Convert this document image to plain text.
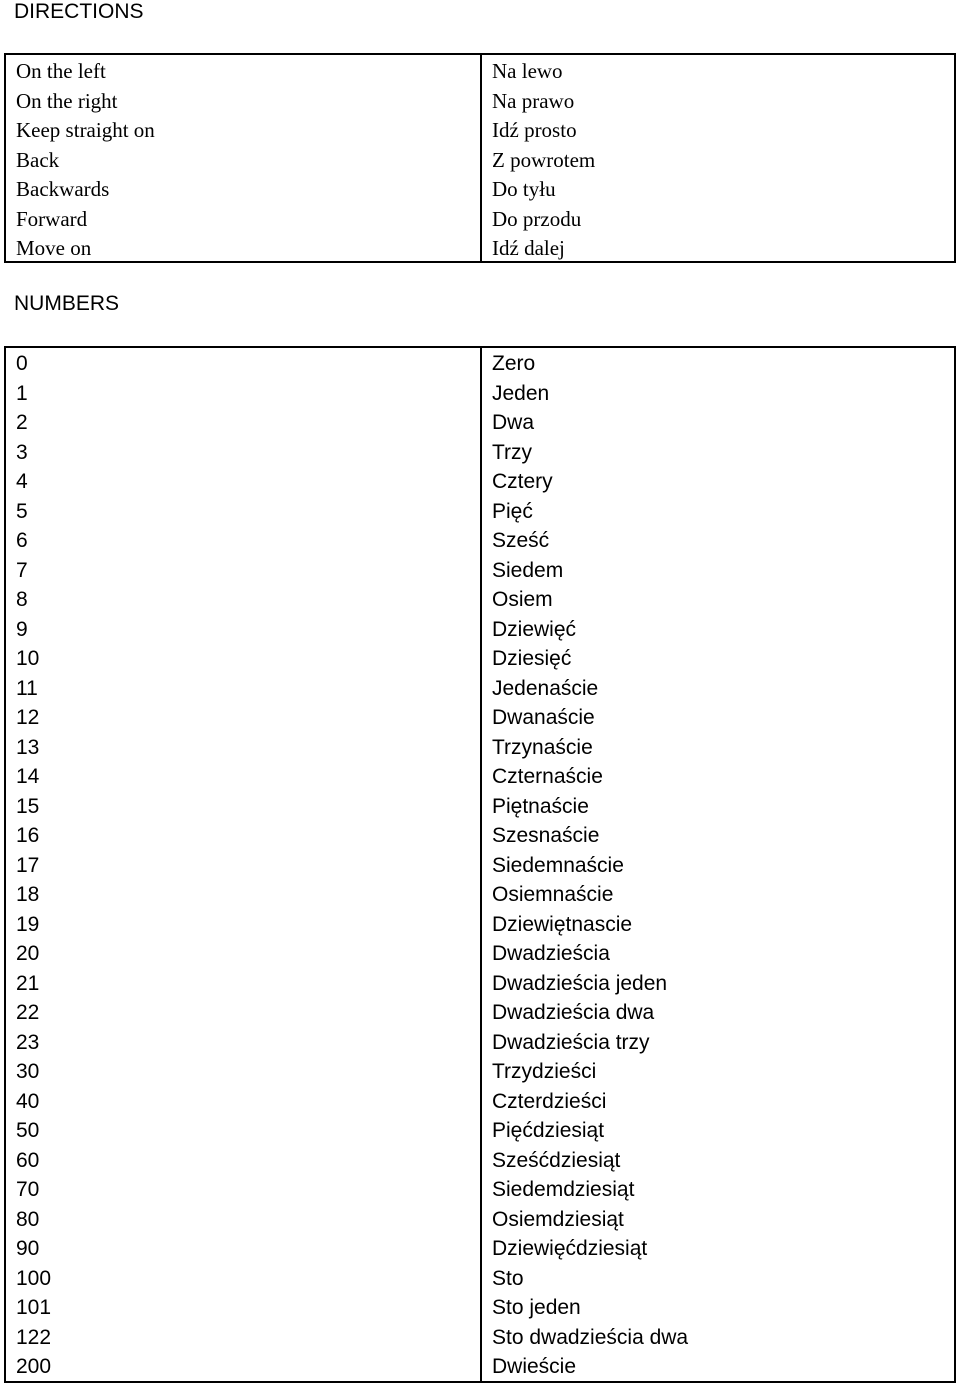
DIRECTIONS
On the left	Na lewo
On the right	Na prawo
Keep straight on	Idź prosto
Back	Z powrotem
Backwards	Do tyłu
Forward	Do przodu
Move on	Idź dalej
NUMBERS
0	Zero
1	Jeden
2	Dwa
3	Trzy
4	Cztery
5	Pięć
6	Sześć
7	Siedem
8	Osiem
9	Dziewięć
10	Dziesięć
11	Jedenaście
12	Dwanaście
13	Trzynaście
14	Czternaście
15	Piętnaście
16	Szesnaście
17	Siedemnaście
18	Osiemnaście
19	Dziewiętnascie
20	Dwadzieścia
21	Dwadzieścia jeden
22	Dwadzieścia dwa
23	Dwadzieścia trzy
30	Trzydzieści
40	Czterdzieści
50	Pięćdziesiąt
60	Sześćdziesiąt
70	Siedemdziesiąt
80	Osiemdziesiąt
90	Dziewięćdziesiąt
100	Sto
101	Sto jeden
122	Sto dwadzieścia dwa
200	Dwieście
